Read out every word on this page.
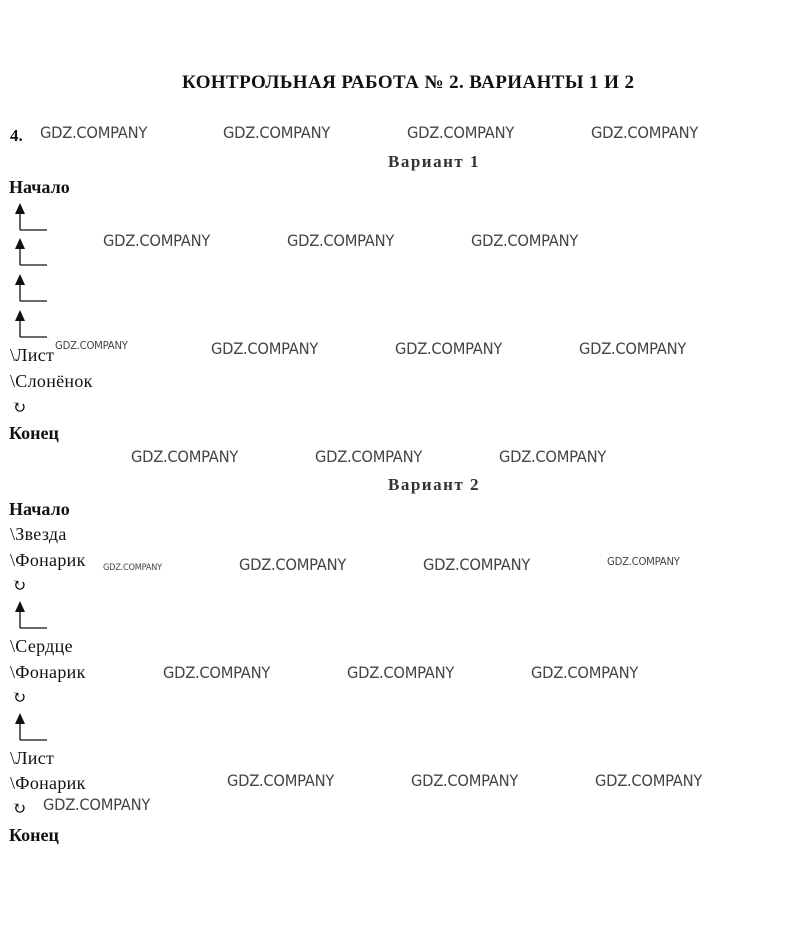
КОНТРОЛЬНАЯ РАБОТА № 2. ВАРИАНТЫ 1 И 2
4.
Вариант 1
Начало
\Лист
\Слонёнок
↻
Конец
Вариант 2
Начало
\Звезда
\Фонарик
↻
\Сердце
\Фонарик
↻
\Лист
\Фонарик
↻
Конец
GDZ.COMPANY	GDZ.COMPANY	GDZ.COMPANY	GDZ.COMPANY
GDZ.COMPANY	GDZ.COMPANY	GDZ.COMPANY
GDZ.COMPANY	GDZ.COMPANY	GDZ.COMPANY	GDZ.COMPANY
GDZ.COMPANY	GDZ.COMPANY	GDZ.COMPANY
GDZ.COMPANY	GDZ.COMPANY	GDZ.COMPANY	GDZ.COMPANY
GDZ.COMPANY	GDZ.COMPANY	GDZ.COMPANY
GDZ.COMPANY	GDZ.COMPANY	GDZ.COMPANY
GDZ.COMPANY
